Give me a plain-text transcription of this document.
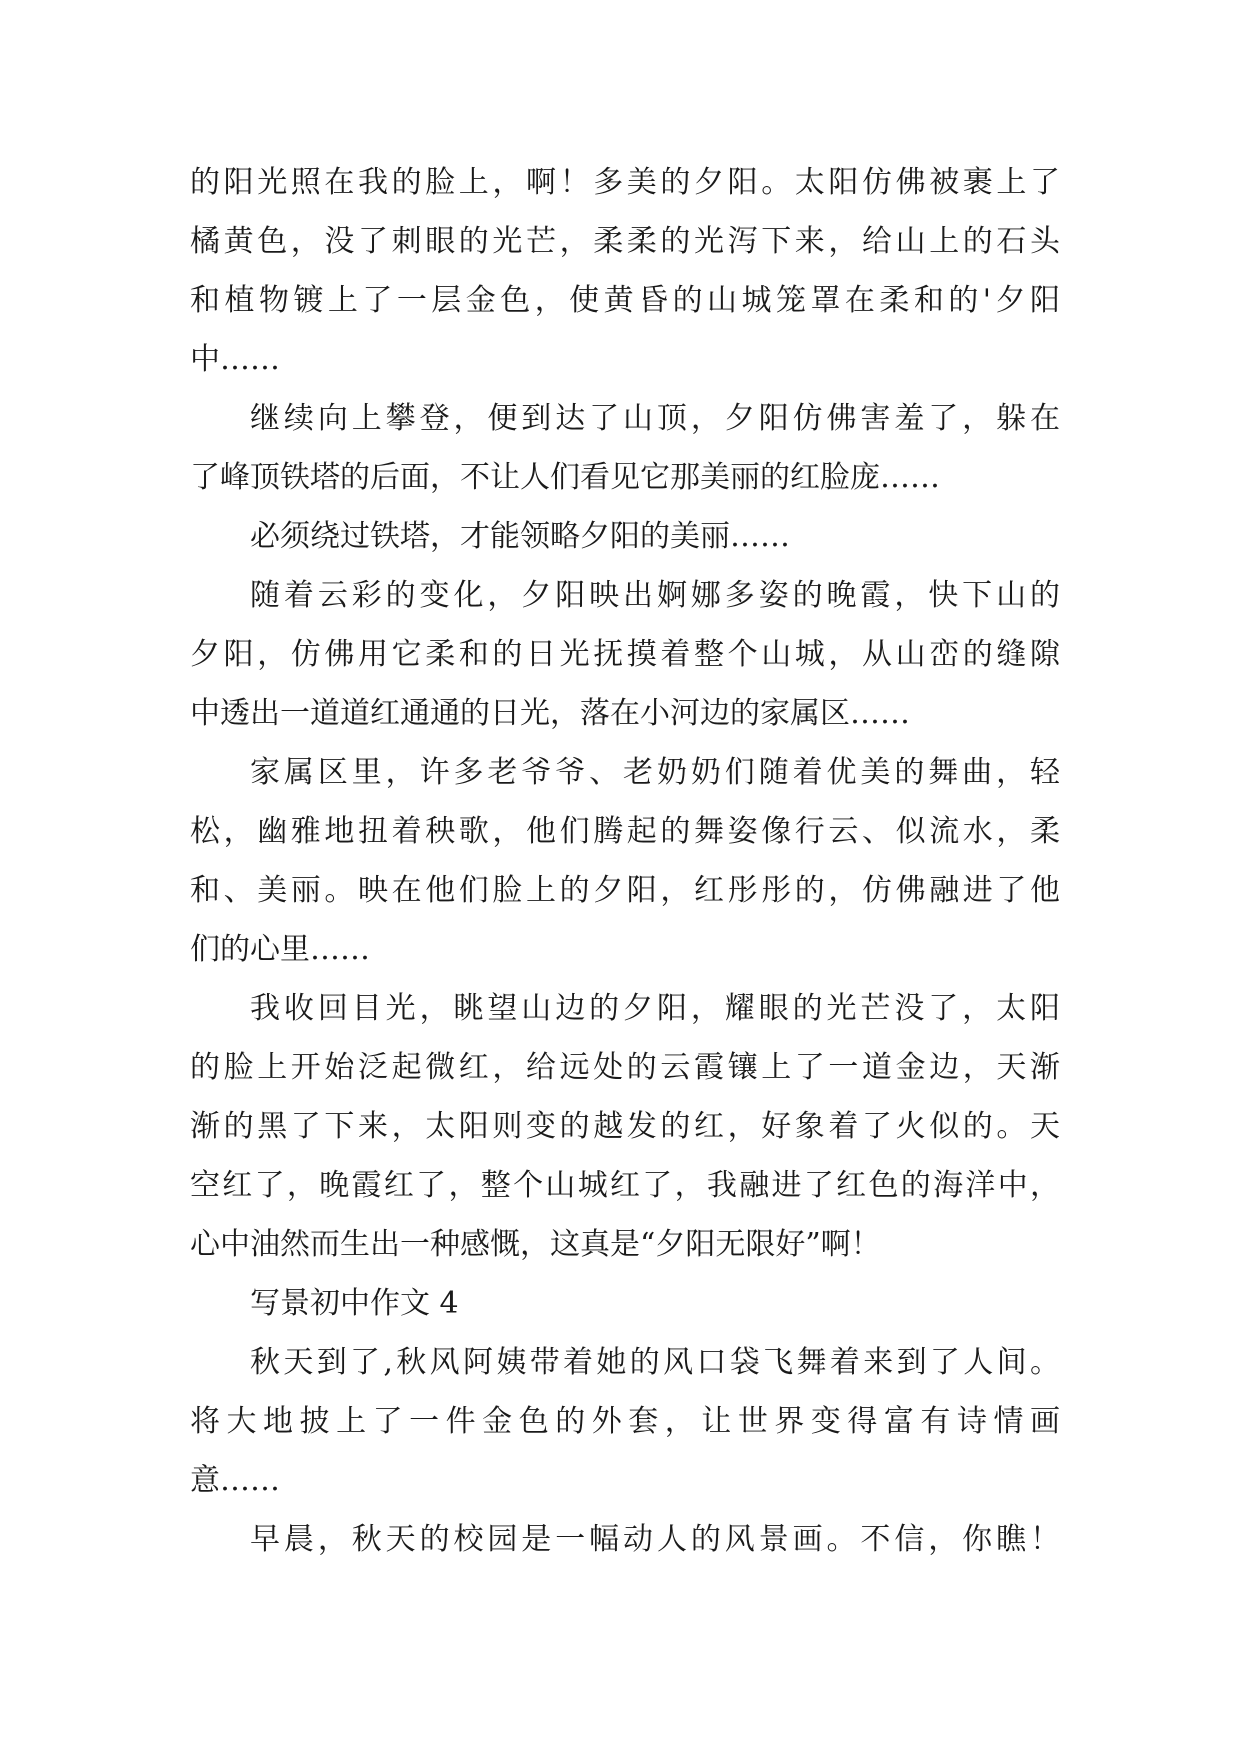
的阳光照在我的脸上，啊！多美的夕阳。太阳仿佛被裹上了
橘黄色，没了刺眼的光芒，柔柔的光泻下来，给山上的石头
和植物镀上了一层金色，使黄昏的山城笼罩在柔和的'夕阳
中……
继续向上攀登，便到达了山顶，夕阳仿佛害羞了，躲在
了峰顶铁塔的后面，不让人们看见它那美丽的红脸庞……
必须绕过铁塔，才能领略夕阳的美丽……
随着云彩的变化，夕阳映出婀娜多姿的晚霞，快下山的
夕阳，仿佛用它柔和的日光抚摸着整个山城，从山峦的缝隙
中透出一道道红通通的日光，落在小河边的家属区……
家属区里，许多老爷爷、老奶奶们随着优美的舞曲，轻
松，幽雅地扭着秧歌，他们腾起的舞姿像行云、似流水，柔
和、美丽。映在他们脸上的夕阳，红彤彤的，仿佛融进了他
们的心里……
我收回目光，眺望山边的夕阳，耀眼的光芒没了，太阳
的脸上开始泛起微红，给远处的云霞镶上了一道金边，天渐
渐的黑了下来，太阳则变的越发的红，好象着了火似的。天
空红了，晚霞红了，整个山城红了，我融进了红色的海洋中，
心中油然而生出一种感慨，这真是“夕阳无限好”啊！
写景初中作文 4
秋天到了,秋风阿姨带着她的风口袋飞舞着来到了人间。
将大地披上了一件金色的外套，让世界变得富有诗情画
意……
早晨，秋天的校园是一幅动人的风景画。不信，你瞧！
